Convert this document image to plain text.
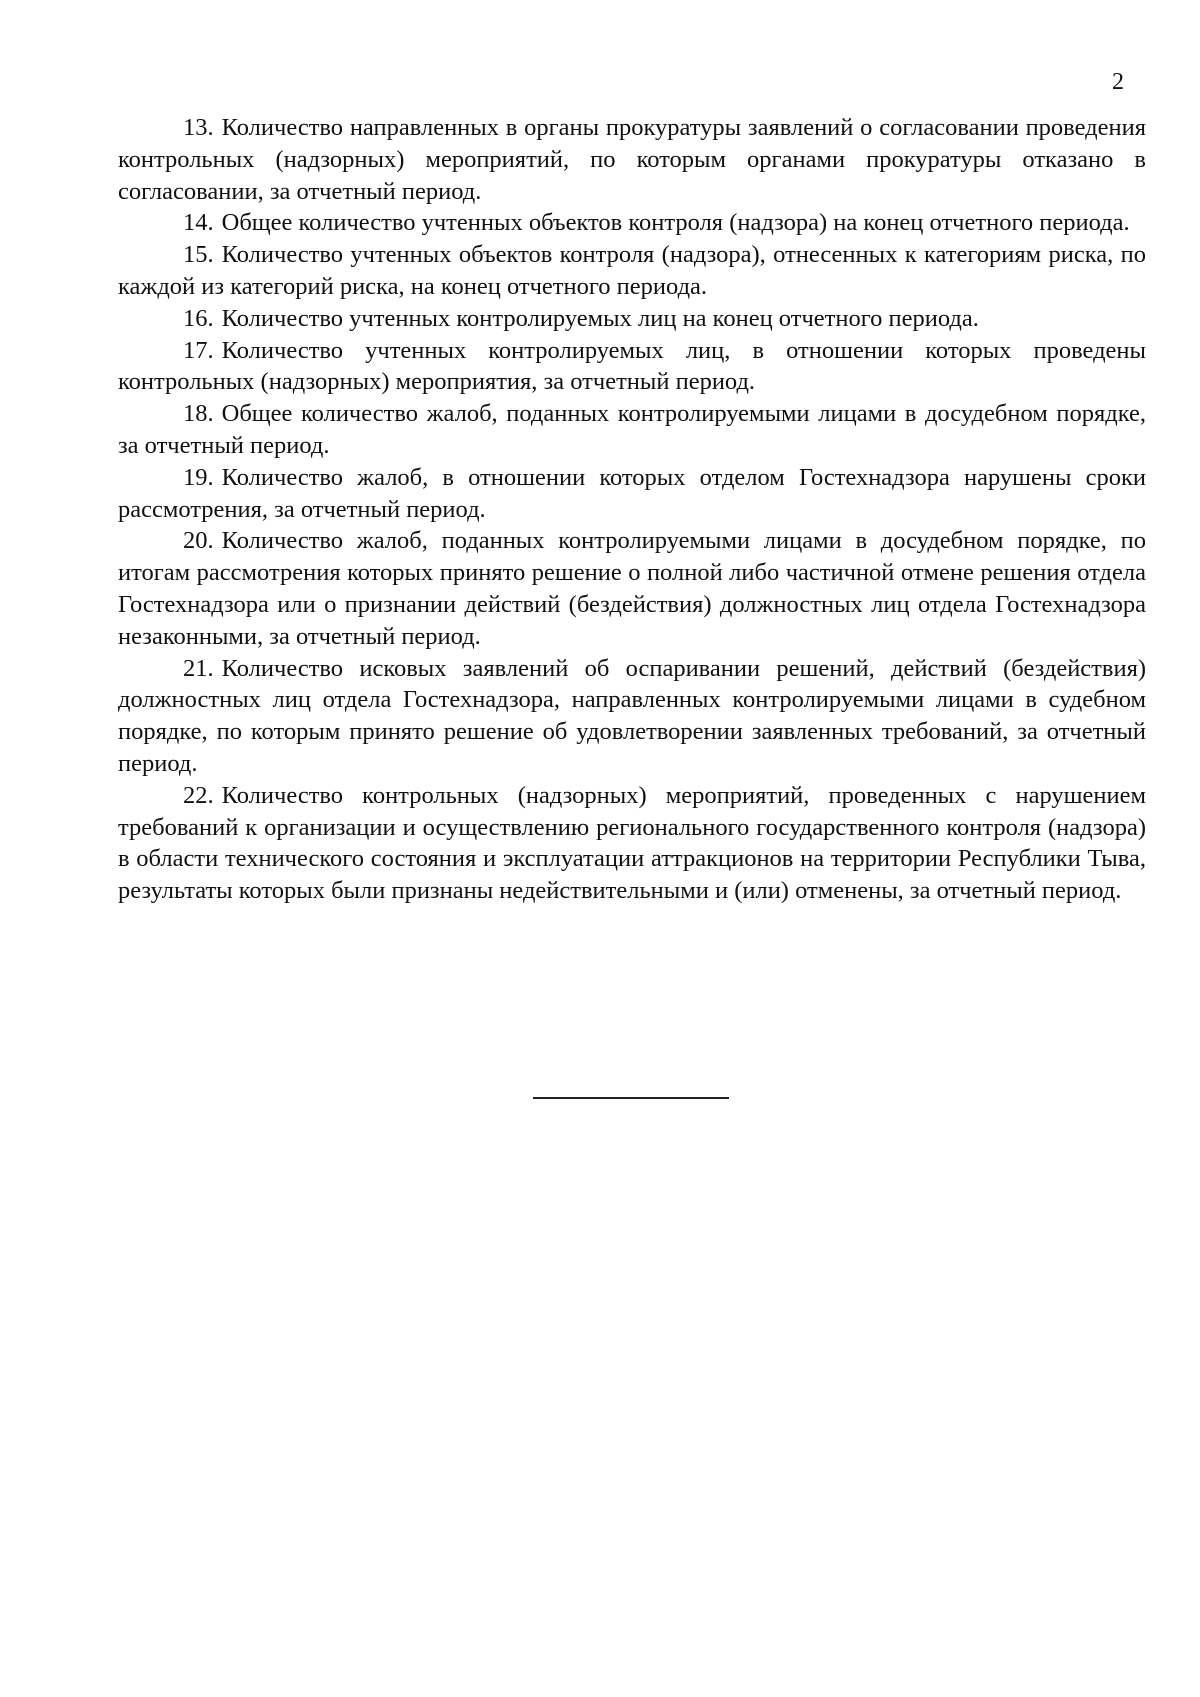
2

13. Количество направленных в органы прокуратуры заявлений о согласовании проведения контрольных (надзорных) мероприятий, по которым органами прокуратуры отказано в согласовании, за отчетный период.

14. Общее количество учтенных объектов контроля (надзора) на конец отчетного периода.

15. Количество учтенных объектов контроля (надзора), отнесенных к категориям риска, по каждой из категорий риска, на конец отчетного периода.

16. Количество учтенных контролируемых лиц на конец отчетного периода.

17. Количество учтенных контролируемых лиц, в отношении которых проведены контрольных (надзорных) мероприятия, за отчетный период.

18. Общее количество жалоб, поданных контролируемыми лицами в досудебном порядке, за отчетный период.

19. Количество жалоб, в отношении которых отделом Гостехнадзора нарушены сроки рассмотрения, за отчетный период.

20. Количество жалоб, поданных контролируемыми лицами в досудебном порядке, по итогам рассмотрения которых принято решение о полной либо частичной отмене решения отдела Гостехнадзора или о признании действий (бездействия) должностных лиц отдела Гостехнадзора незаконными, за отчетный период.

21. Количество исковых заявлений об оспаривании решений, действий (бездействия) должностных лиц отдела Гостехнадзора, направленных контролируемыми лицами в судебном порядке, по которым принято решение об удовлетворении заявленных требований, за отчетный период.

22. Количество контрольных (надзорных) мероприятий, проведенных с нарушением требований к организации и осуществлению регионального государственного контроля (надзора) в области технического состояния и эксплуатации аттракционов на территории Республики Тыва, результаты которых были признаны недействительными и (или) отменены, за отчетный период.
